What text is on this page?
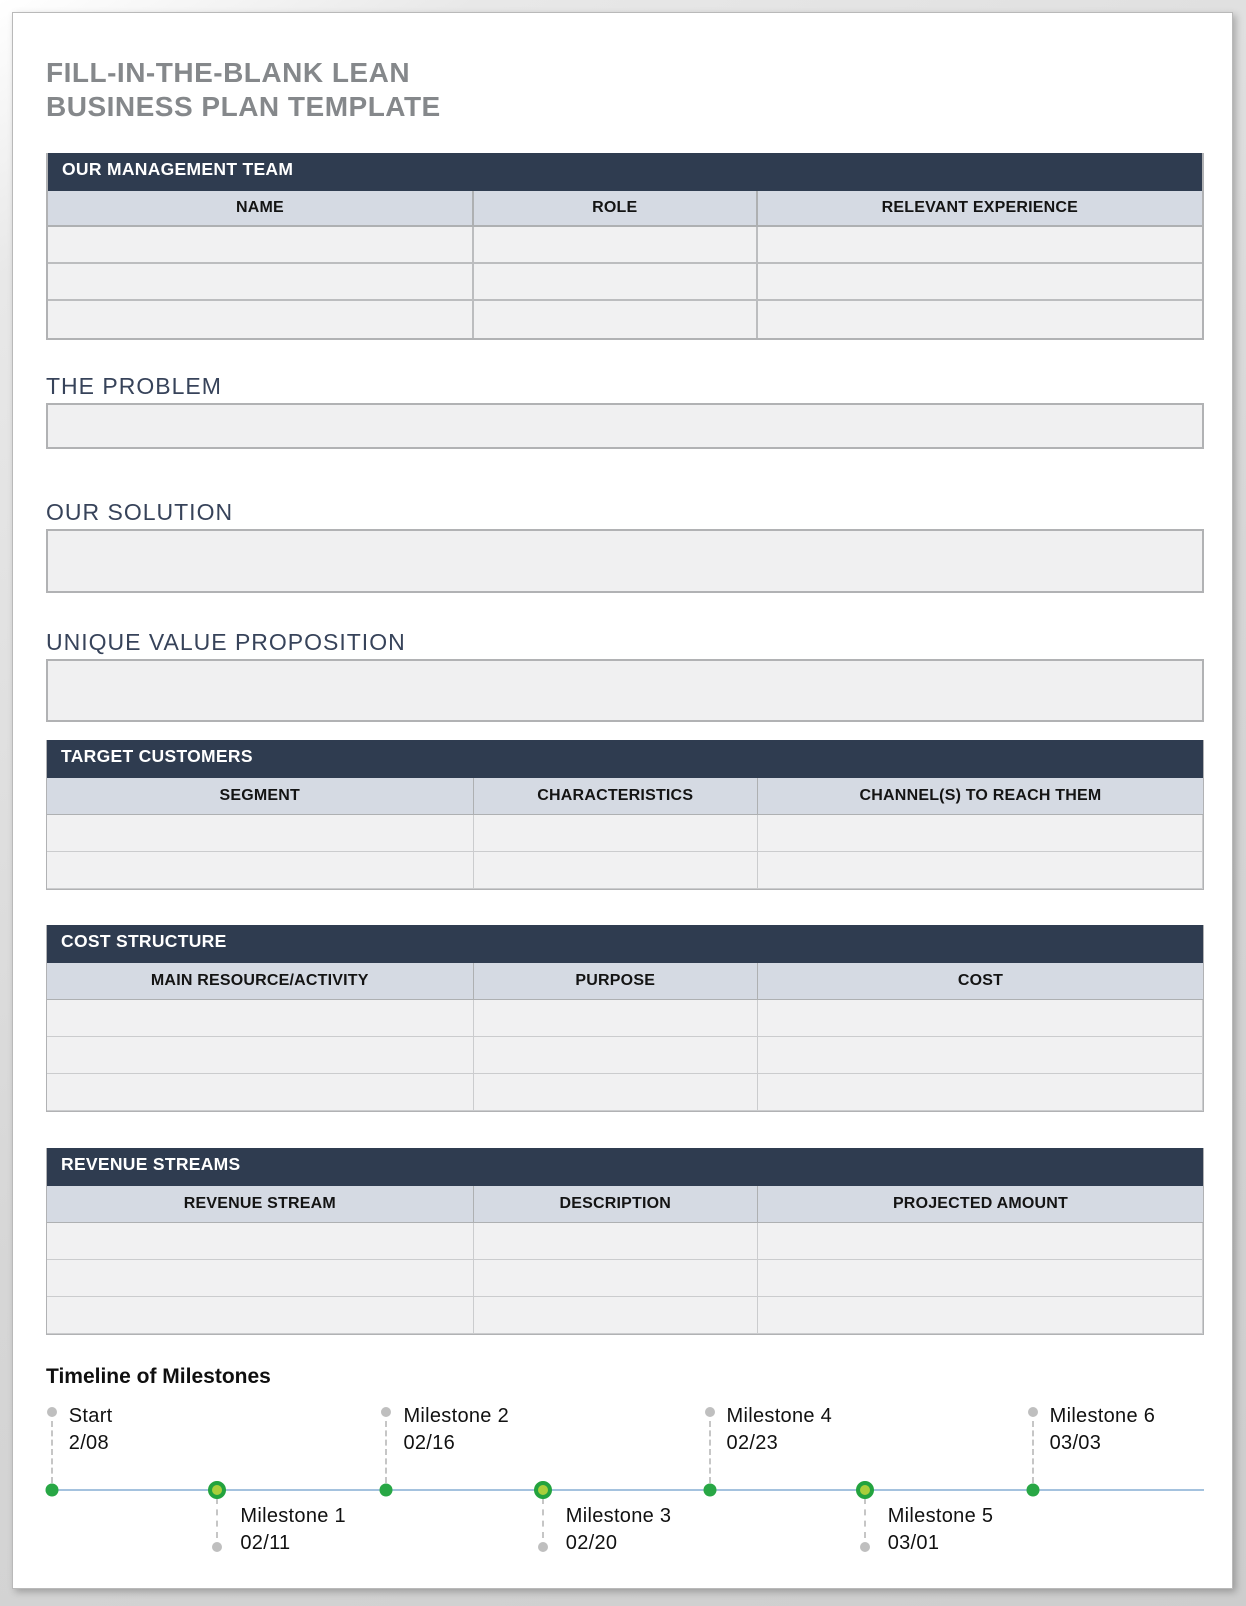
FILL-IN-THE-BLANK LEAN
BUSINESS PLAN TEMPLATE
OUR MANAGEMENT TEAM
NAME	ROLE	RELEVANT EXPERIENCE
THE PROBLEM
OUR SOLUTION
UNIQUE VALUE PROPOSITION
TARGET CUSTOMERS
SEGMENT	CHARACTERISTICS	CHANNEL(S) TO REACH THEM
COST STRUCTURE
MAIN RESOURCE/ACTIVITY	PURPOSE	COST
REVENUE STREAMS
REVENUE STREAM	DESCRIPTION	PROJECTED AMOUNT
Timeline of Milestones
Start
2/08
Milestone 1
02/11
Milestone 2
02/16
Milestone 3
02/20
Milestone 4
02/23
Milestone 5
03/01
Milestone 6
03/03
